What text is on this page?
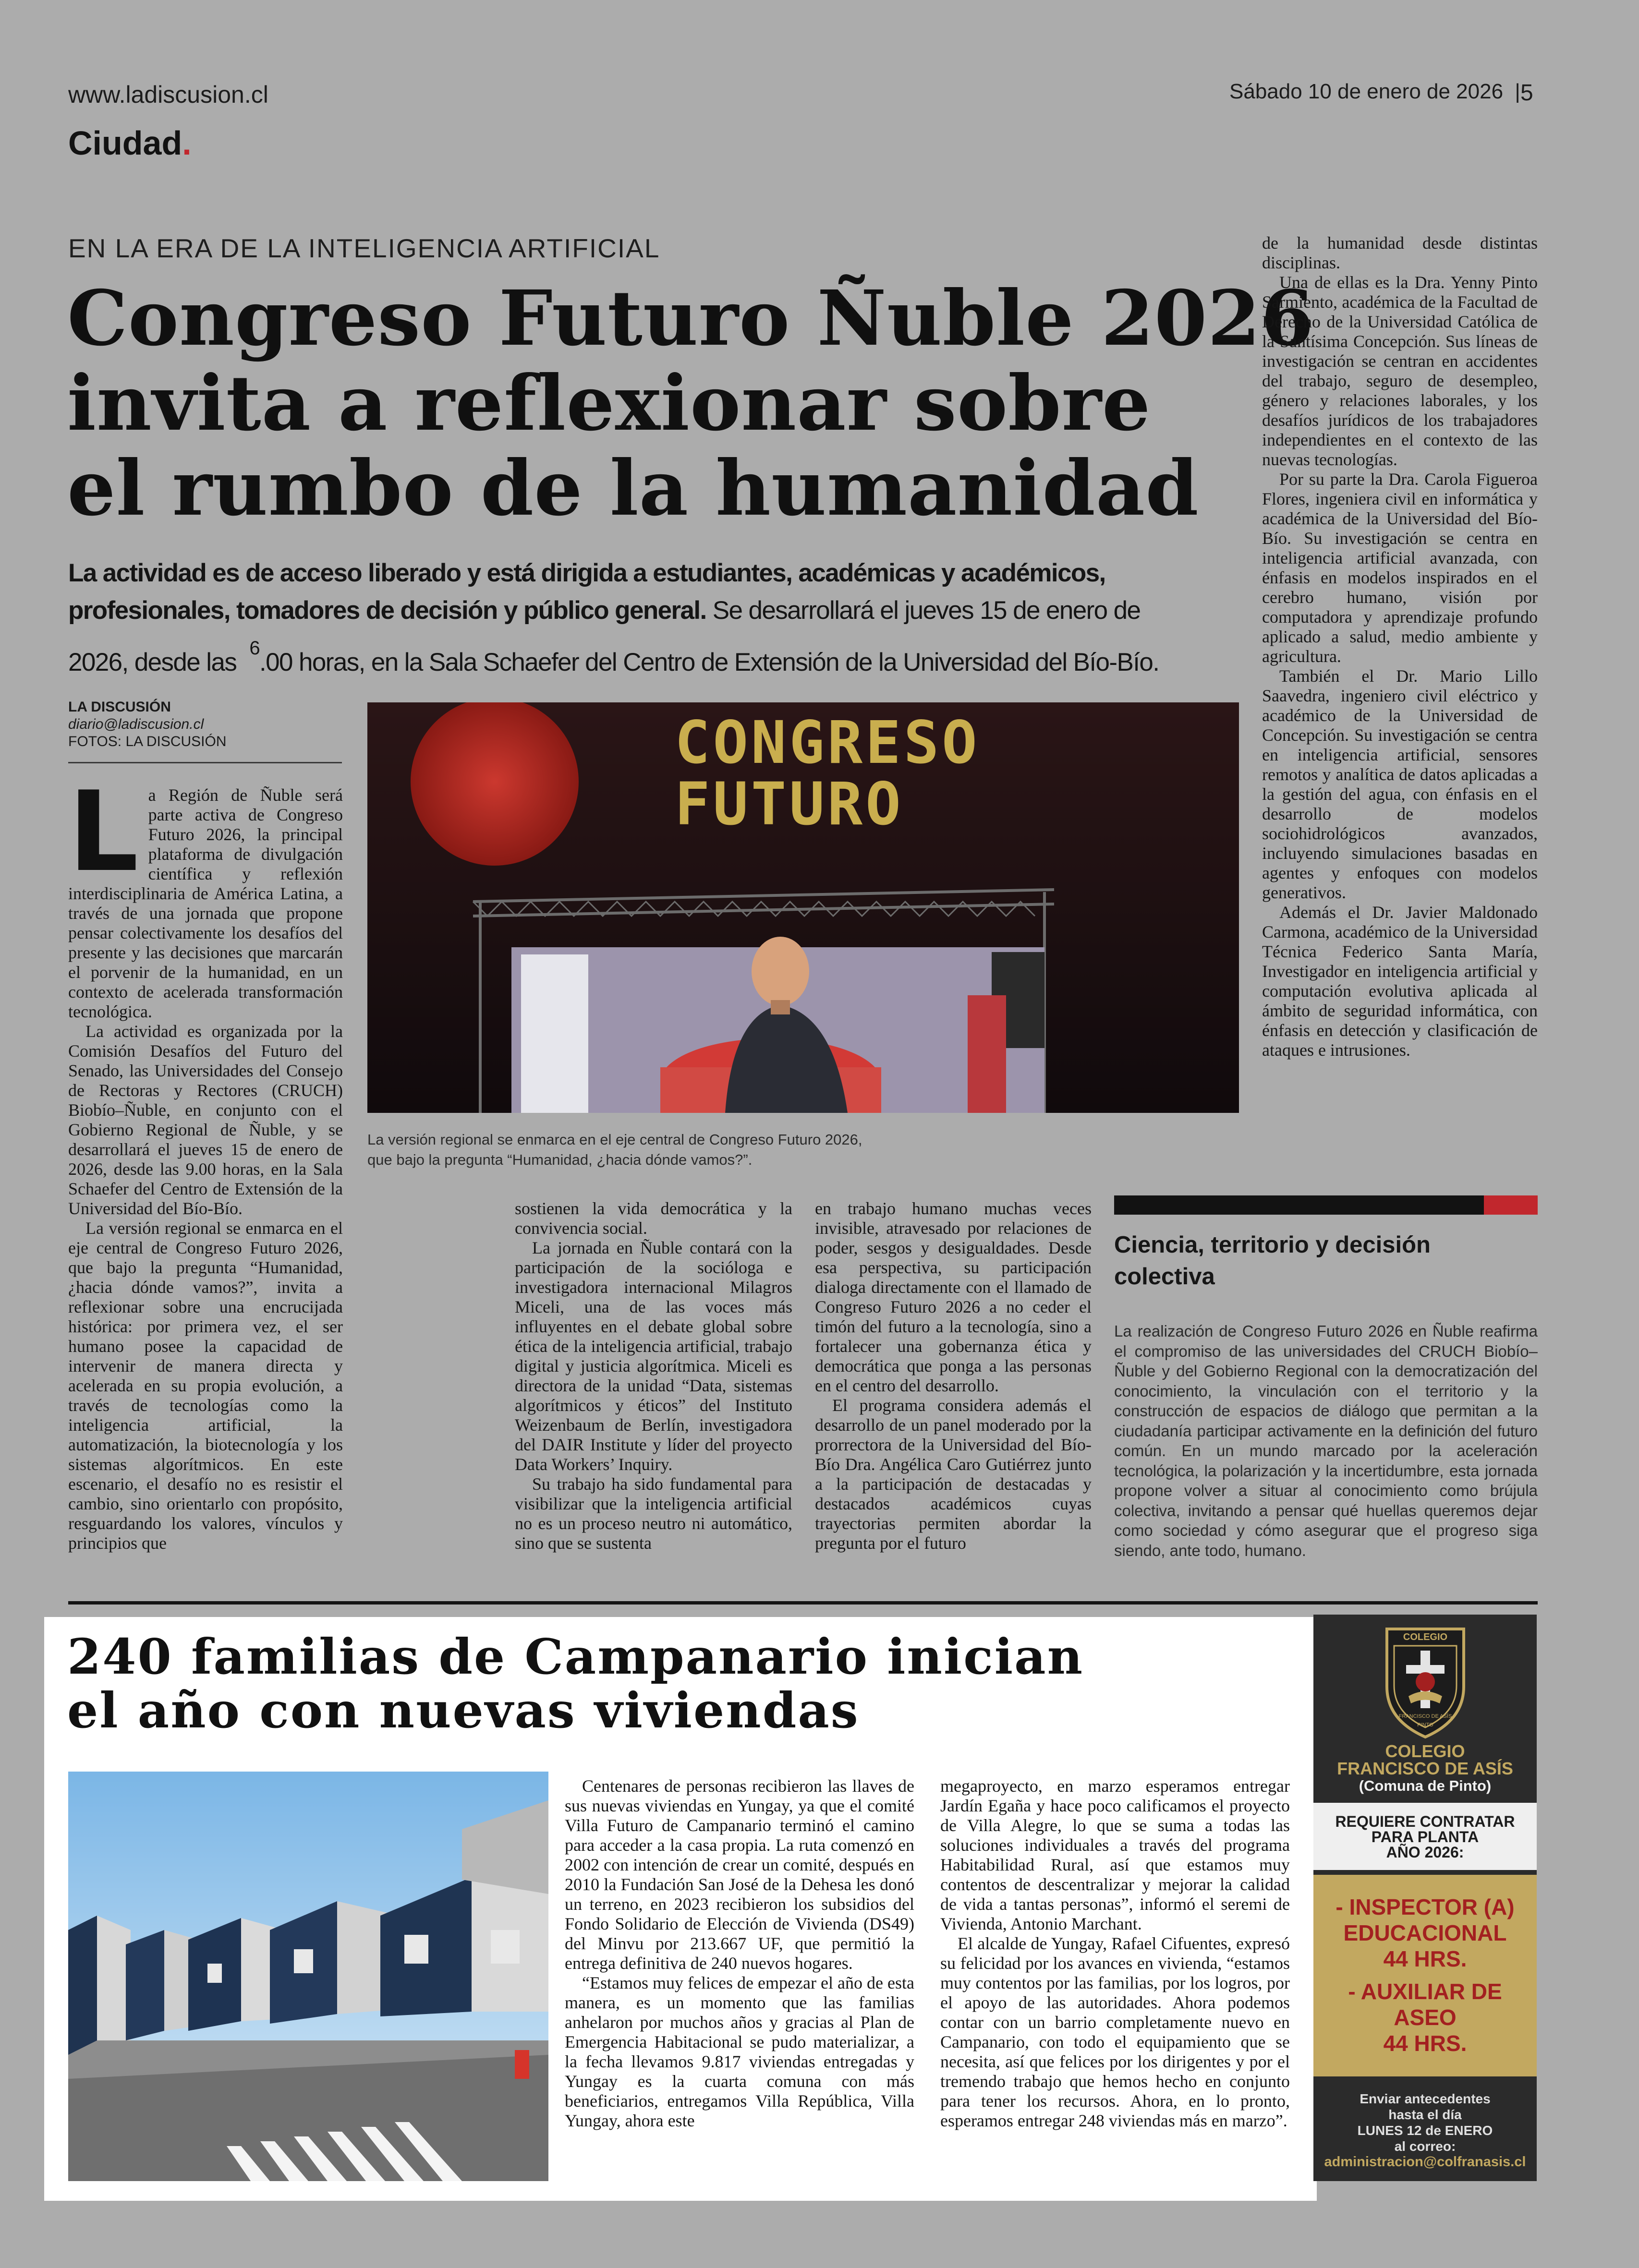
www.ladiscusion.cl	Sábado 10 de enero de 2026 | 5
Ciudad.
EN LA ERA DE LA INTELIGENCIA ARTIFICIAL
Congreso Futuro Ñuble 2026
invita a reflexionar sobre
el rumbo de la humanidad
La actividad es de acceso liberado y está dirigida a estudiantes, académicas y académicos,
profesionales, tomadores de decisión y público general. Se desarrollará el jueves 15 de enero de
2026, desde las $^6$.00 horas, en la Sala Schaefer del Centro de Extensión de la Universidad del Bío-Bío.
LA DISCUSIÓN
diario@ladiscusion.cl
FOTOS: LA DISCUSIÓN
L a Región de Ñuble será parte activa de Congreso Futuro 2026, la principal plataforma de divulgación científica y reflexión interdisciplinaria de América Latina, a través de una jornada que propone pensar colectivamente los desafíos del presente y las decisiones que marcarán el porvenir de la humanidad, en un contexto de acelerada transformación tecnológica.

La actividad es organizada por la Comisión Desafíos del Futuro del Senado, las Universidades del Consejo de Rectoras y Rectores (CRUCH) Biobío–Ñuble, en conjunto con el Gobierno Regional de Ñuble, y se desarrollará el jueves 15 de enero de 2026, desde las 9.00 horas, en la Sala Schaefer del Centro de Extensión de la Universidad del Bío-Bío.

La versión regional se enmarca en el eje central de Congreso Futuro 2026, que bajo la pregunta “Humanidad, ¿hacia dónde vamos?”, invita a reflexionar sobre una encrucijada histórica: por primera vez, el ser humano posee la capacidad de intervenir de manera directa y acelerada en su propia evolución, a través de tecnologías como la inteligencia artificial, la automatización, la biotecnología y los sistemas algorítmicos. En este escenario, el desafío no es resistir el cambio, sino orientarlo con propósito, resguardando los valores, vínculos y principios que

CONGRESO
FUTURO
La versión regional se enmarca en el eje central de Congreso Futuro 2026,
que bajo la pregunta “Humanidad, ¿hacia dónde vamos?”.

sostienen la vida democrática y la convivencia social.

La jornada en Ñuble contará con la participación de la socióloga e investigadora internacional Milagros Miceli, una de las voces más influyentes en el debate global sobre ética de la inteligencia artificial, trabajo digital y justicia algorítmica. Miceli es directora de la unidad “Data, sistemas algorítmicos y éticos” del Instituto Weizenbaum de Berlín, investigadora del DAIR Institute y líder del proyecto Data Workers’ Inquiry.

Su trabajo ha sido fundamental para visibilizar que la inteligencia artificial no es un proceso neutro ni automático, sino que se sustenta

en trabajo humano muchas veces invisible, atravesado por relaciones de poder, sesgos y desigualdades. Desde esa perspectiva, su participación dialoga directamente con el llamado de Congreso Futuro 2026 a no ceder el timón del futuro a la tecnología, sino a fortalecer una gobernanza ética y democrática que ponga a las personas en el centro del desarrollo.

El programa considera además el desarrollo de un panel moderado por la prorrectora de la Universidad del Bío-Bío Dra. Angélica Caro Gutiérrez junto a la participación de destacadas y destacados académicos cuyas trayectorias permiten abordar la pregunta por el futuro

de la humanidad desde distintas disciplinas.

Una de ellas es la Dra. Yenny Pinto Sarmiento, académica de la Facultad de Derecho de la Universidad Católica de la Santísima Concepción. Sus líneas de investigación se centran en accidentes del trabajo, seguro de desempleo, género y relaciones laborales, y los desafíos jurídicos de los trabajadores independientes en el contexto de las nuevas tecnologías.

Por su parte la Dra. Carola Figueroa Flores, ingeniera civil en informática y académica de la Universidad del Bío-Bío. Su investigación se centra en inteligencia artificial avanzada, con énfasis en modelos inspirados en el cerebro humano, visión por computadora y aprendizaje profundo aplicado a salud, medio ambiente y agricultura.

También el Dr. Mario Lillo Saavedra, ingeniero civil eléctrico y académico de la Universidad de Concepción. Su investigación se centra en inteligencia artificial, sensores remotos y analítica de datos aplicadas a la gestión del agua, con énfasis en el desarrollo de modelos sociohidrológicos avanzados, incluyendo simulaciones basadas en agentes y enfoques con modelos generativos.

Además el Dr. Javier Maldonado Carmona, académico de la Universidad Técnica Federico Santa María, Investigador en inteligencia artificial y computación evolutiva aplicada al ámbito de seguridad informática, con énfasis en detección y clasificación de ataques e intrusiones.

Ciencia, territorio y decisión
colectiva
La realización de Congreso Futuro 2026 en Ñuble reafirma el compromiso de las universidades del CRUCH Biobío–Ñuble y del Gobierno Regional con la democratización del conocimiento, la vinculación con el territorio y la construcción de espacios de diálogo que permitan a la ciudadanía participar activamente en la definición del futuro común. En un mundo marcado por la aceleración tecnológica, la polarización y la incertidumbre, esta jornada propone volver a situar al conocimiento como brújula colectiva, invitando a pensar qué huellas queremos dejar como sociedad y cómo asegurar que el progreso siga siendo, ante todo, humano.
240 familias de Campanario inician
el año con nuevas viviendas

Centenares de personas recibieron las llaves de sus nuevas viviendas en Yungay, ya que el comité Villa Futuro de Campanario terminó el camino para acceder a la casa propia. La ruta comenzó en 2002 con intención de crear un comité, después en 2010 la Fundación San José de la Dehesa les donó un terreno, en 2023 recibieron los subsidios del Fondo Solidario de Elección de Vivienda (DS49) del Minvu por 213.667 UF, que permitió la entrega definitiva de 240 nuevos hogares.

“Estamos muy felices de empezar el año de esta manera, es un momento que las familias anhelaron por muchos años y gracias al Plan de Emergencia Habitacional se pudo materializar, a la fecha llevamos 9.817 viviendas entregadas y Yungay es la cuarta comuna con más beneficiarios, entregamos Villa República, Villa Yungay, ahora este

megaproyecto, en marzo esperamos entregar Jardín Egaña y hace poco calificamos el proyecto de Villa Alegre, lo que se suma a todas las soluciones individuales a través del programa Habitabilidad Rural, así que estamos muy contentos de descentralizar y mejorar la calidad de vida a tantas personas”, informó el seremi de Vivienda, Antonio Marchant.

El alcalde de Yungay, Rafael Cifuentes, expresó su felicidad por los avances en vivienda, “estamos muy contentos por las familias, por los logros, por el apoyo de las autoridades. Ahora podemos contar con un barrio completamente nuevo en Campanario, con todo el equipamiento que se necesita, así que felices por los dirigentes y por el tremendo trabajo que hemos hecho en conjunto para tener los recursos. Ahora, en lo pronto, esperamos entregar 248 viviendas más en marzo”.

COLEGIO
FRANCISCO DE ASÍS
PINTO
COLEGIO
FRANCISCO DE ASÍS
(Comuna de Pinto)
REQUIERE CONTRATAR
PARA PLANTA
AÑO 2026:
- INSPECTOR (A)
EDUCACIONAL
44 HRS.
- AUXILIAR DE
ASEO
44 HRS.
Enviar antecedentes
hasta el día
LUNES 12 de ENERO
al correo:
administracion@colfranasis.cl
